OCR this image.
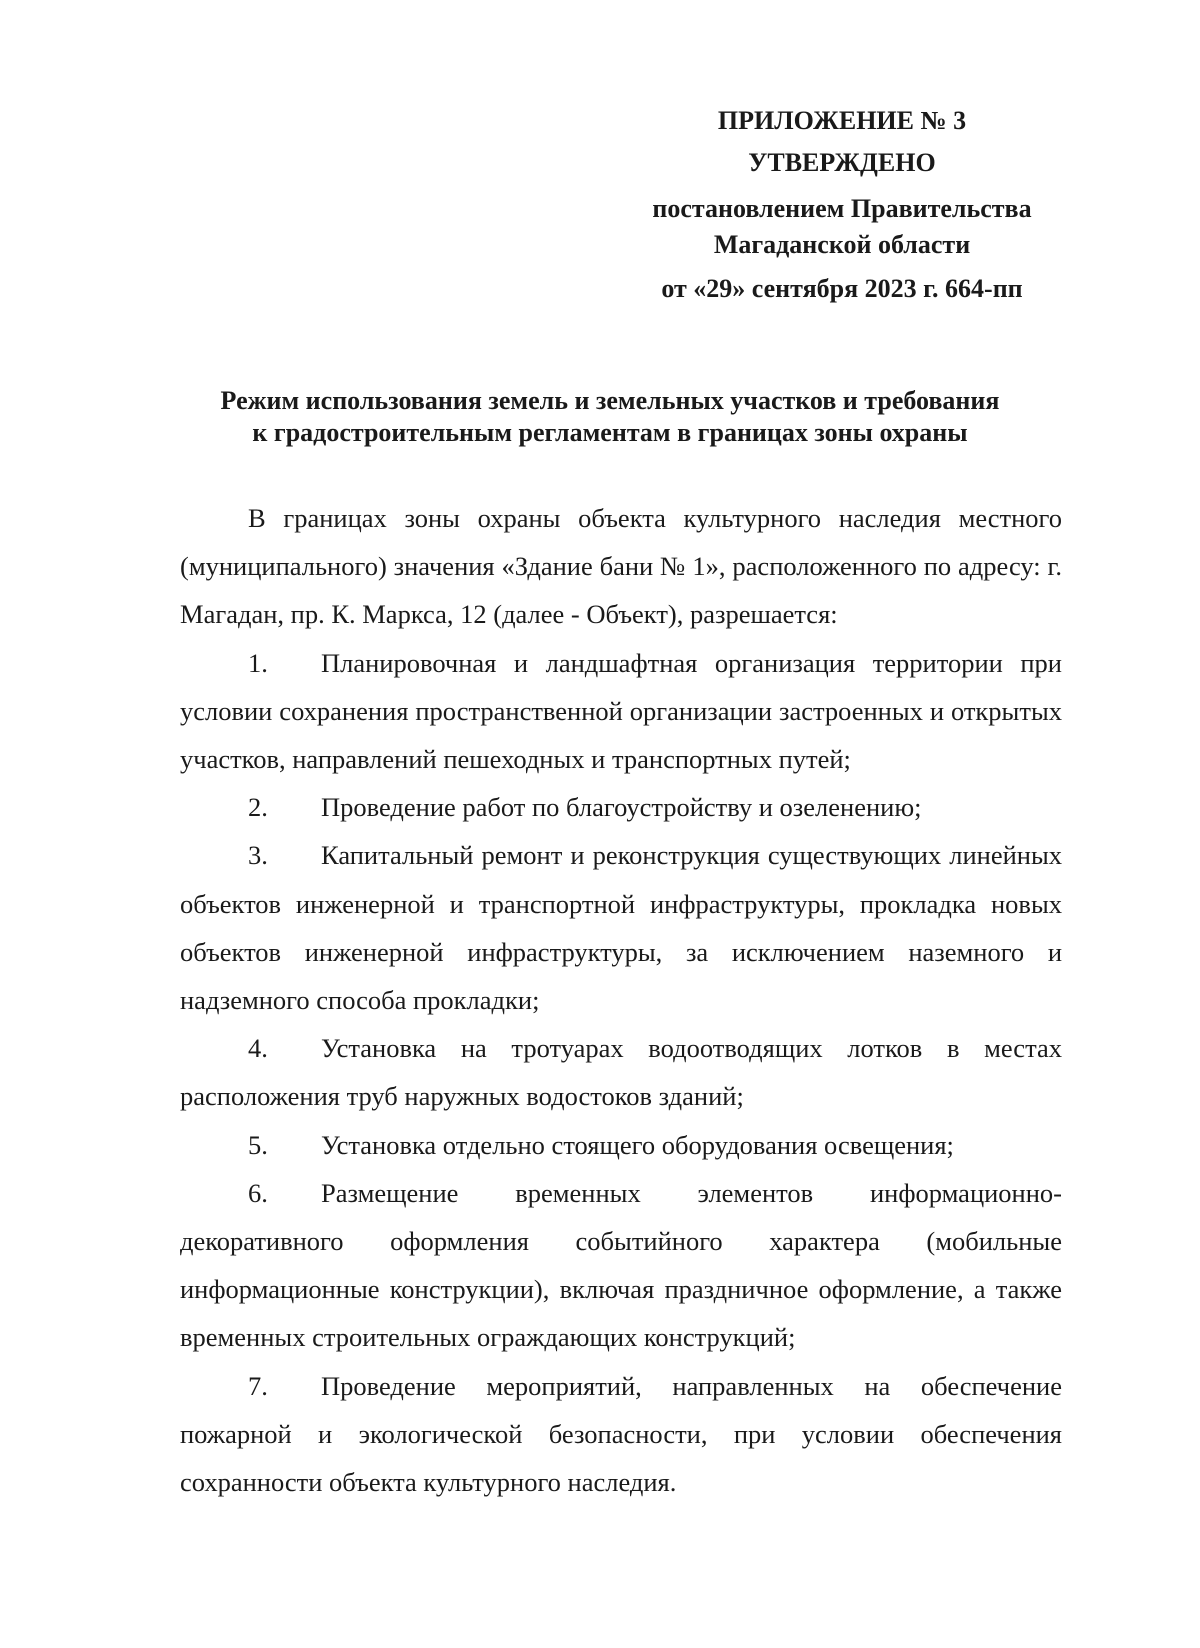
ПРИЛОЖЕНИЕ № 3
УТВЕРЖДЕНО
постановлением Правительства
Магаданской области
от «29» сентября 2023 г. 664-пп
Режим использования земель и земельных участков и требования
к градостроительным регламентам в границах зоны охраны

В границах зоны охраны объекта культурного наследия местного (муниципального) значения «Здание бани № 1», расположенного по адресу: г. Магадан, пр. К. Маркса, 12 (далее - Объект), разрешается:

1. Планировочная и ландшафтная организация территории при условии сохранения пространственной организации застроенных и открытых участков, направлений пешеходных и транспортных путей;

2. Проведение работ по благоустройству и озеленению;

3. Капитальный ремонт и реконструкция существующих линейных объектов инженерной и транспортной инфраструктуры, прокладка новых объектов инженерной инфраструктуры, за исключением наземного и надземного способа прокладки;

4. Установка на тротуарах водоотводящих лотков в местах расположения труб наружных водостоков зданий;

5. Установка отдельно стоящего оборудования освещения;

6. Размещение временных элементов информационно-декоративного оформления событийного характера (мобильные информационные конструкции), включая праздничное оформление, а также временных строительных ограждающих конструкций;

7. Проведение мероприятий, направленных на обеспечение пожарной и экологической безопасности, при условии обеспечения сохранности объекта культурного наследия.
